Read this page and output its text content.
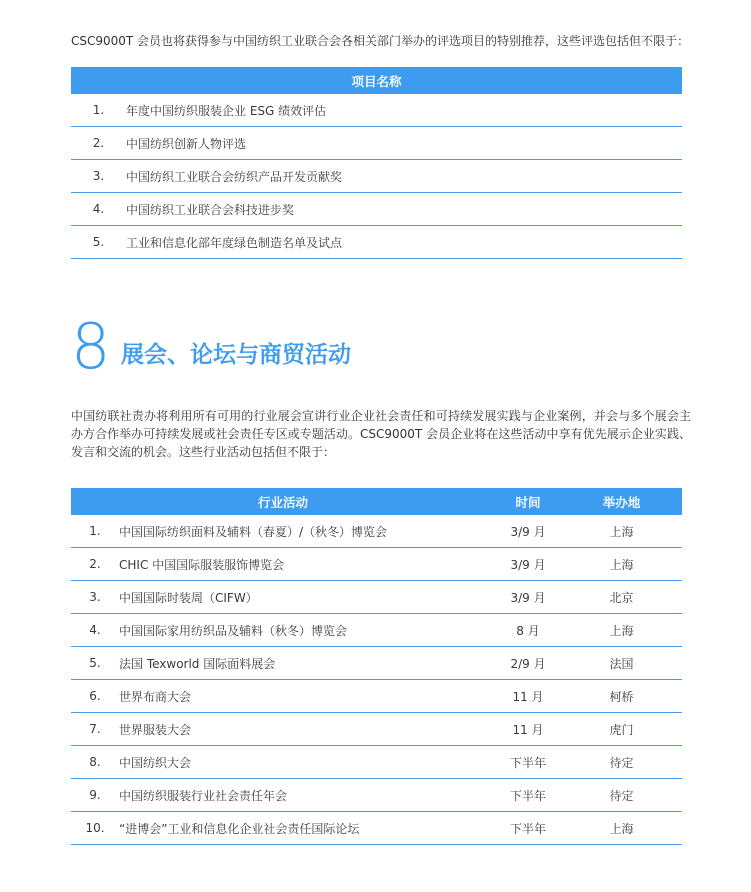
CSC9000T 会员也将获得参与中国纺织工业联合会各相关部门举办的评选项目的特别推荐，这些评选包括但不限于：
项目名称	
1.	年度中国纺织服装企业 ESG 绩效评估
2.	中国纺织创新人物评选
3.	中国纺织工业联合会纺织产品开发贡献奖
4.	中国纺织工业联合会科技进步奖
5.	工业和信息化部年度绿色制造名单及试点
8 展会、论坛与商贸活动
中国纺联社责办将利用所有可用的行业展会宣讲行业企业社会责任和可持续发展实践与企业案例，并会与多个展会主办方合作举办可持续发展或社会责任专区或专题活动。CSC9000T 会员企业将在这些活动中享有优先展示企业实践、发言和交流的机会。这些行业活动包括但不限于：
行业活动		时间	举办地
1.	中国国际纺织面料及辅料（春夏）/（秋冬）博览会	3/9 月	上海
2.	CHIC 中国国际服装服饰博览会	3/9 月	上海
3.	中国国际时装周（CIFW）	3/9 月	北京
4.	中国国际家用纺织品及辅料（秋冬）博览会	8 月	上海
5.	法国 Texworld 国际面料展会	2/9 月	法国
6.	世界布商大会	11 月	柯桥
7.	世界服装大会	11 月	虎门
8.	中国纺织大会	下半年	待定
9.	中国纺织服装行业社会责任年会	下半年	待定
10.	“进博会”工业和信息化企业社会责任国际论坛	下半年	上海
